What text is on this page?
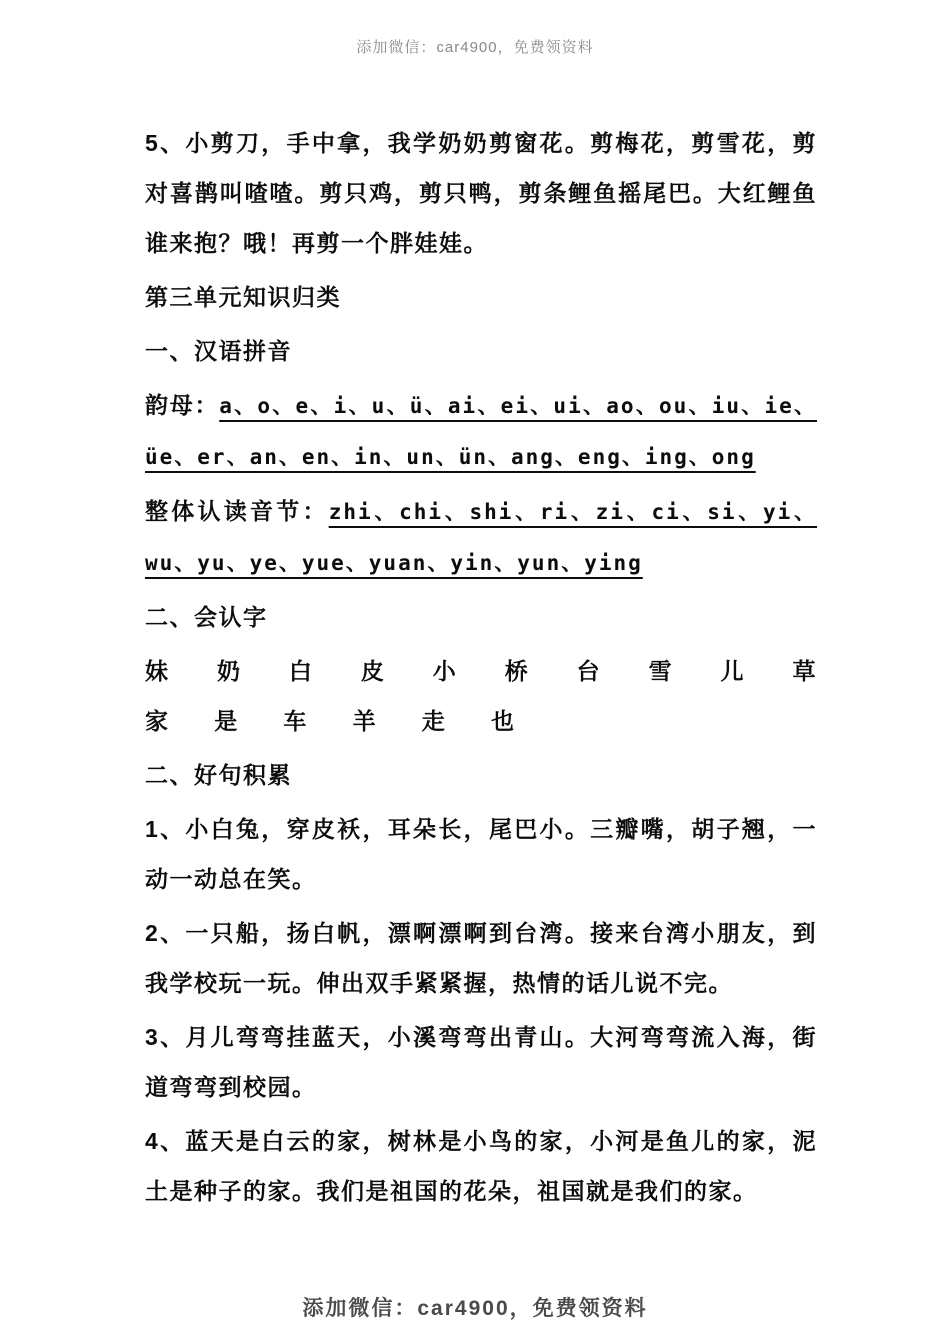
添加微信：car4900，免费领资料

5、小剪刀，手中拿，我学奶奶剪窗花。剪梅花，剪雪花，剪对喜鹊叫喳喳。剪只鸡，剪只鸭，剪条鲤鱼摇尾巴。大红鲤鱼谁来抱？哦！再剪一个胖娃娃。

第三单元知识归类

一、汉语拼音

韵母：a、o、e、i、u、ü、ai、ei、ui、ao、ou、iu、ie、üe、er、an、en、in、un、ün、ang、eng、ing、ong

整体认读音节：zhi、chi、shi、ri、zi、ci、si、yi、wu、yu、ye、yue、yuan、yin、yun、ying

二、会认字

妹 奶 白 皮 小 桥 台 雪 儿 草 家 是 车 羊 走 也

二、好句积累

1、小白兔，穿皮袄，耳朵长，尾巴小。三瓣嘴，胡子翘，一动一动总在笑。

2、一只船，扬白帆，漂啊漂啊到台湾。接来台湾小朋友，到我学校玩一玩。伸出双手紧紧握，热情的话儿说不完。

3、月儿弯弯挂蓝天，小溪弯弯出青山。大河弯弯流入海，街道弯弯到校园。

4、蓝天是白云的家，树林是小鸟的家，小河是鱼儿的家，泥土是种子的家。我们是祖国的花朵，祖国就是我们的家。

添加微信：car4900，免费领资料
